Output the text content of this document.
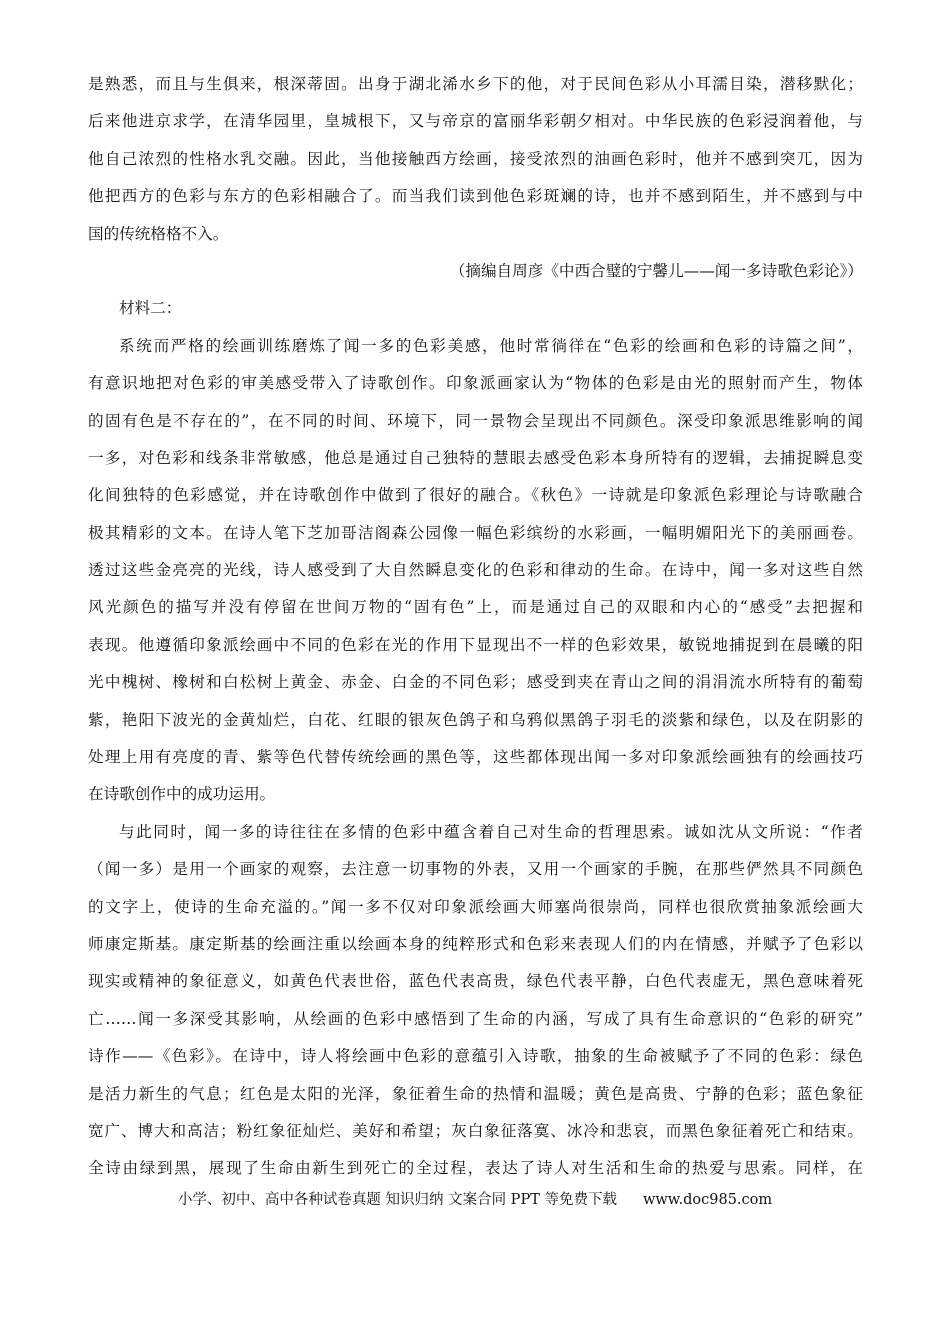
是熟悉，而且与生俱来，根深蒂固。出身于湖北浠水乡下的他，对于民间色彩从小耳濡目染，潜移默化；
后来他进京求学，在清华园里，皇城根下，又与帝京的富丽华彩朝夕相对。中华民族的色彩浸润着他，与
他自己浓烈的性格水乳交融。因此，当他接触西方绘画，接受浓烈的油画色彩时，他并不感到突兀，因为
他把西方的色彩与东方的色彩相融合了。而当我们读到他色彩斑斓的诗，也并不感到陌生，并不感到与中
国的传统格格不入。
（摘编自周彦《中西合璧的宁馨儿——闻一多诗歌色彩论》）
材料二：
系统而严格的绘画训练磨炼了闻一多的色彩美感，他时常徜徉在“色彩的绘画和色彩的诗篇之间”，
有意识地把对色彩的审美感受带入了诗歌创作。印象派画家认为“物体的色彩是由光的照射而产生，物体
的固有色是不存在的”，在不同的时间、环境下，同一景物会呈现出不同颜色。深受印象派思维影响的闻
一多，对色彩和线条非常敏感，他总是通过自己独特的慧眼去感受色彩本身所特有的逻辑，去捕捉瞬息变
化间独特的色彩感觉，并在诗歌创作中做到了很好的融合。《秋色》一诗就是印象派色彩理论与诗歌融合
极其精彩的文本。在诗人笔下芝加哥洁阁森公园像一幅色彩缤纷的水彩画，一幅明媚阳光下的美丽画卷。
透过这些金亮亮的光线，诗人感受到了大自然瞬息变化的色彩和律动的生命。在诗中，闻一多对这些自然
风光颜色的描写并没有停留在世间万物的“固有色”上，而是通过自己的双眼和内心的“感受”去把握和
表现。他遵循印象派绘画中不同的色彩在光的作用下显现出不一样的色彩效果，敏锐地捕捉到在晨曦的阳
光中槐树、橡树和白松树上黄金、赤金、白金的不同色彩；感受到夹在青山之间的涓涓流水所特有的葡萄
紫，艳阳下波光的金黄灿烂，白花、红眼的银灰色鸽子和乌鸦似黑鸽子羽毛的淡紫和绿色，以及在阴影的
处理上用有亮度的青、紫等色代替传统绘画的黑色等，这些都体现出闻一多对印象派绘画独有的绘画技巧
在诗歌创作中的成功运用。
与此同时，闻一多的诗往往在多情的色彩中蕴含着自己对生命的哲理思索。诚如沈从文所说：“作者
（闻一多）是用一个画家的观察，去注意一切事物的外表，又用一个画家的手腕，在那些俨然具不同颜色
的文字上，使诗的生命充溢的。”闻一多不仅对印象派绘画大师塞尚很崇尚，同样也很欣赏抽象派绘画大
师康定斯基。康定斯基的绘画注重以绘画本身的纯粹形式和色彩来表现人们的内在情感，并赋予了色彩以
现实或精神的象征意义，如黄色代表世俗，蓝色代表高贵，绿色代表平静，白色代表虚无，黑色意味着死
亡……闻一多深受其影响，从绘画的色彩中感悟到了生命的内涵，写成了具有生命意识的“色彩的研究”
诗作——《色彩》。在诗中，诗人将绘画中色彩的意蕴引入诗歌，抽象的生命被赋予了不同的色彩：绿色
是活力新生的气息；红色是太阳的光泽，象征着生命的热情和温暖；黄色是高贵、宁静的色彩；蓝色象征
宽广、博大和高洁；粉红象征灿烂、美好和希望；灰白象征落寞、冰冷和悲哀，而黑色象征着死亡和结束。
全诗由绿到黑，展现了生命由新生到死亡的全过程，表达了诗人对生活和生命的热爱与思索。同样，在
小学、初中、高中各种试卷真题 知识归纳 文案合同 PPT 等免费下载 www.doc985.com
